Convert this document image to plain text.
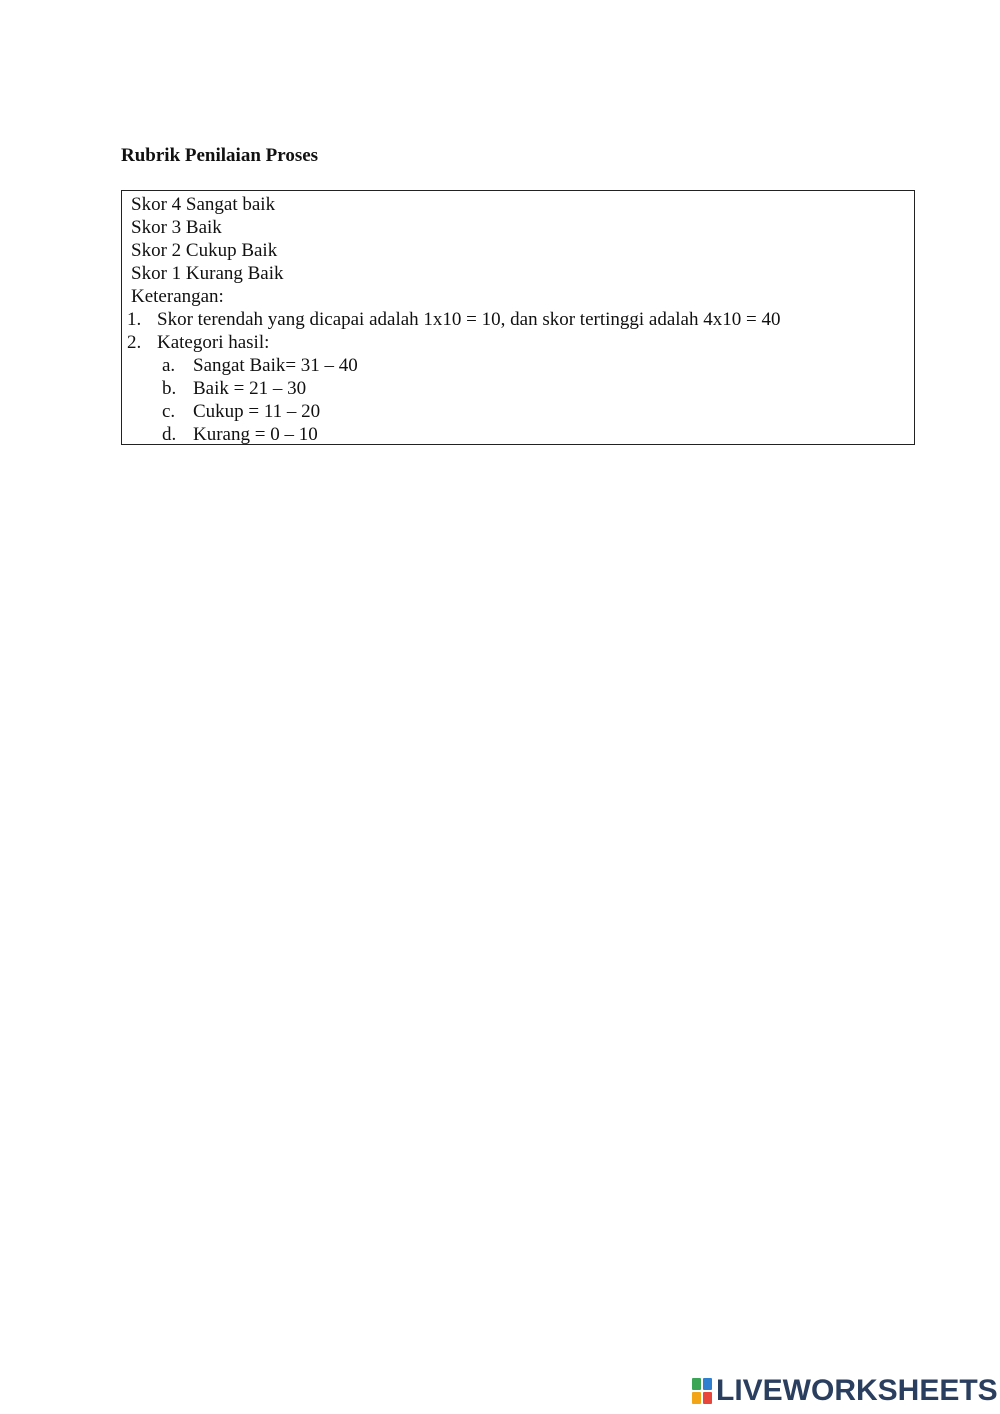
Rubrik Penilaian Proses
Skor 4 Sangat baik
Skor 3 Baik
Skor 2 Cukup Baik
Skor 1 Kurang Baik
Keterangan:
1. Skor terendah yang dicapai adalah 1x10 = 10, dan skor tertinggi adalah 4x10 = 40
2. Kategori hasil:
a. Sangat Baik= 31 – 40
b. Baik = 21 – 30
c. Cukup = 11 – 20
d. Kurang = 0 – 10
LIVEWORKSHEETS
